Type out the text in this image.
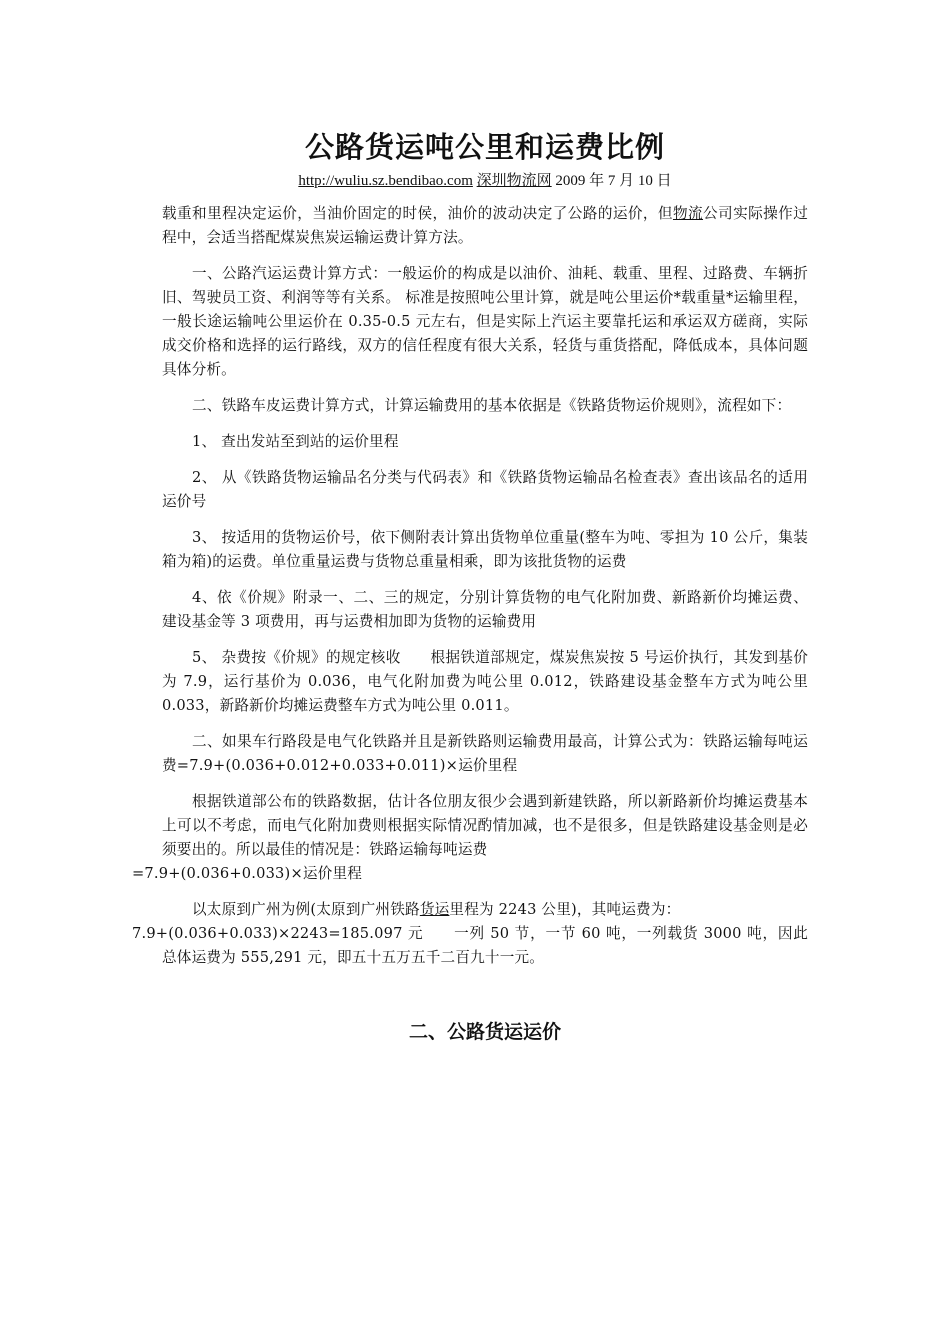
公路货运吨公里和运费比例
http://wuliu.sz.bendibao.com 深圳物流网 2009 年 7 月 10 日

载重和里程决定运价，当油价固定的时侯，油价的波动决定了公路的运价，但物流公司实际操作过程中，会适当搭配煤炭焦炭运输运费计算方法。

一、公路汽运运费计算方式：一般运价的构成是以油价、油耗、载重、里程、过路费、车辆折旧、驾驶员工资、利润等等有关系。 标准是按照吨公里计算，就是吨公里运价*载重量*运输里程，一般长途运输吨公里运价在 0.35-0.5 元左右，但是实际上汽运主要靠托运和承运双方磋商，实际成交价格和选择的运行路线，双方的信任程度有很大关系，轻货与重货搭配，降低成本，具体问题具体分析。

二、铁路车皮运费计算方式，计算运输费用的基本依据是《铁路货物运价规则》，流程如下：

1、 查出发站至到站的运价里程

2、 从《铁路货物运输品名分类与代码表》和《铁路货物运输品名检查表》查出该品名的适用运价号

3、 按适用的货物运价号，依下侧附表计算出货物单位重量(整车为吨、零担为 10 公斤，集装箱为箱)的运费。单位重量运费与货物总重量相乘，即为该批货物的运费

4、依《价规》附录一、二、三的规定，分别计算货物的电气化附加费、新路新价均摊运费、建设基金等 3 项费用，再与运费相加即为货物的运输费用

5、 杂费按《价规》的规定核收　　根据铁道部规定，煤炭焦炭按 5 号运价执行，其发到基价为 7.9，运行基价为 0.036，电气化附加费为吨公里 0.012，铁路建设基金整车方式为吨公里 0.033，新路新价均摊运费整车方式为吨公里 0.011。

二、如果车行路段是电气化铁路并且是新铁路则运输费用最高，计算公式为：铁路运输每吨运费=7.9+(0.036+0.012+0.033+0.011)×运价里程

根据铁道部公布的铁路数据，估计各位朋友很少会遇到新建铁路，所以新路新价均摊运费基本上可以不考虑，而电气化附加费则根据实际情况酌情加减，也不是很多，但是铁路建设基金则是必须要出的。所以最佳的情况是：铁路运输每吨运费
=7.9+(0.036+0.033)×运价里程

以太原到广州为例(太原到广州铁路货运里程为 2243 公里)，其吨运费为：
7.9+(0.036+0.033)×2243=185.097 元　　一列 50 节，一节 60 吨，一列载货 3000 吨，因此总体运费为 555,291 元，即五十五万五千二百九十一元。

二、公路货运运价
